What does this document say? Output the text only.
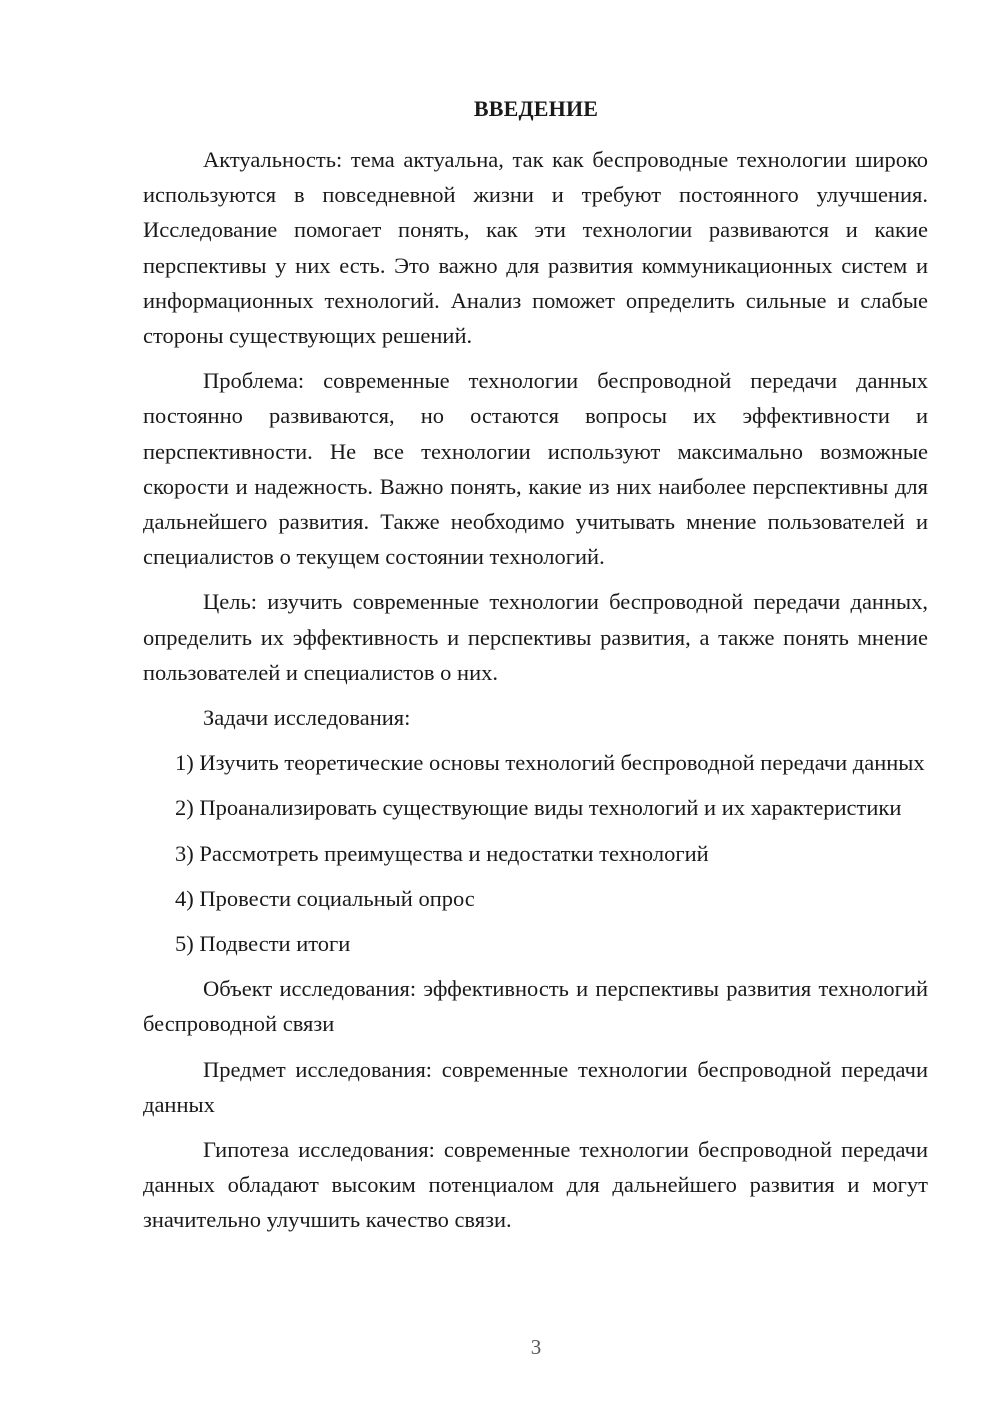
ВВЕДЕНИЕ

Актуальность: тема актуальна, так как беспроводные технологии широко используются в повседневной жизни и требуют постоянного улучшения. Исследование помогает понять, как эти технологии развиваются и какие перспективы у них есть. Это важно для развития коммуникационных систем и информационных технологий. Анализ поможет определить сильные и слабые стороны существующих решений.

Проблема: современные технологии беспроводной передачи данных постоянно развиваются, но остаются вопросы их эффективности и перспективности. Не все технологии используют максимально возможные скорости и надежность. Важно понять, какие из них наиболее перспективны для дальнейшего развития. Также необходимо учитывать мнение пользователей и специалистов о текущем состоянии технологий.

Цель: изучить современные технологии беспроводной передачи данных, определить их эффективность и перспективы развития, а также понять мнение пользователей и специалистов о них.

Задачи исследования:

1) Изучить теоретические основы технологий беспроводной передачи данных

2) Проанализировать существующие виды технологий и их характеристики

3) Рассмотреть преимущества и недостатки технологий

4) Провести социальный опрос

5) Подвести итоги

Объект исследования: эффективность и перспективы развития технологий беспроводной связи

Предмет исследования: современные технологии беспроводной передачи данных

Гипотеза исследования: современные технологии беспроводной передачи данных обладают высоким потенциалом для дальнейшего развития и могут значительно улучшить качество связи.

3
